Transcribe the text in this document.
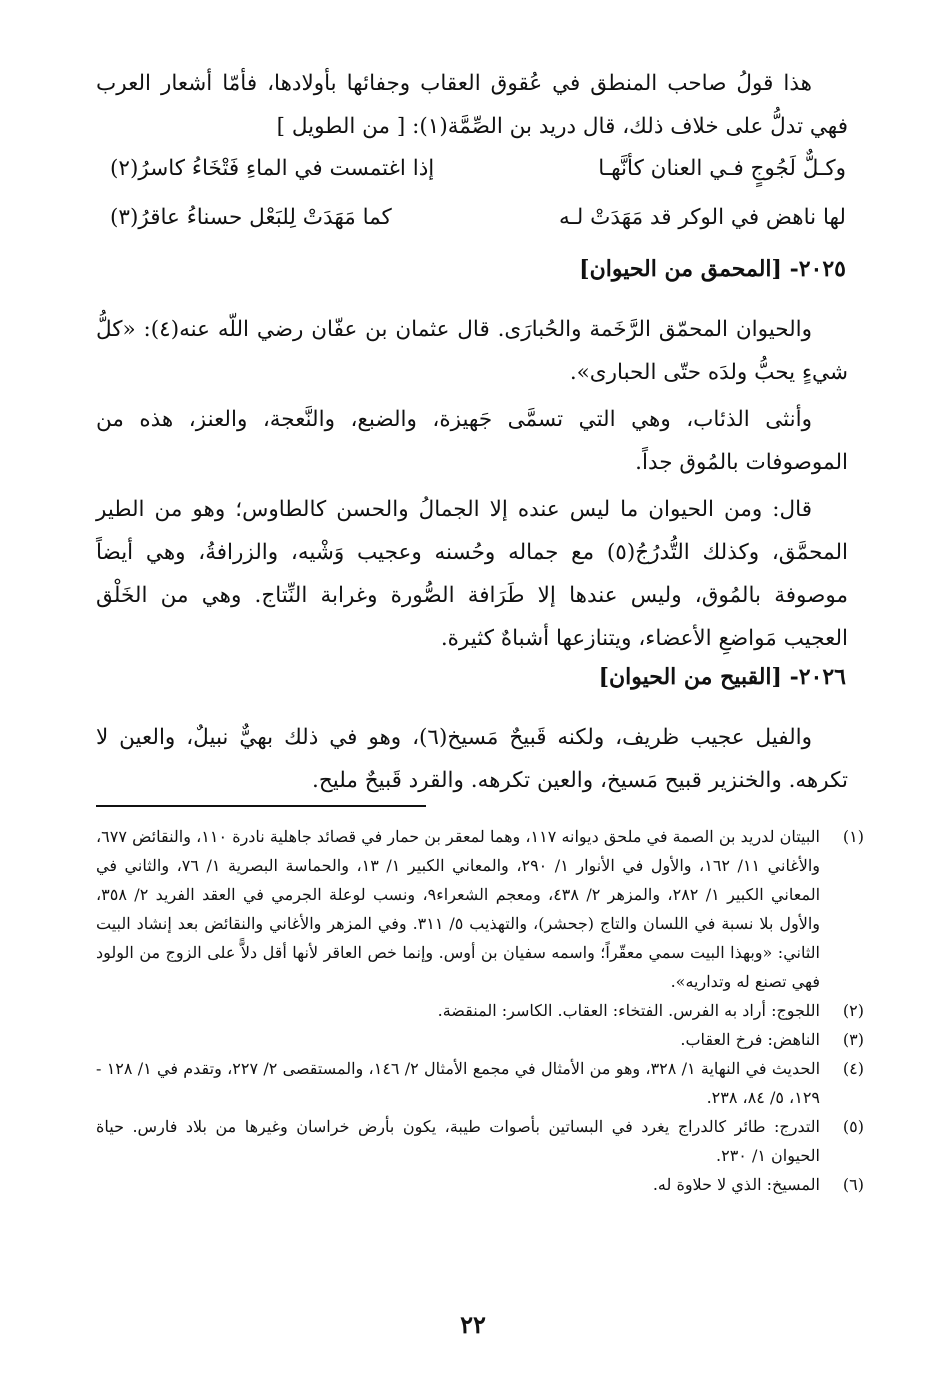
هذا قولُ صاحب المنطق في عُقوق العقاب وجفائها بأولادها، فأمّا أشعار العرب فهي تدلُّ على خلاف ذلك، قال دريد بن الصِّمَّة(١): [ من الطويل ]

وكـلٌّ لَجُوجٍ فـي العنان كأنَّهـا
إذا اغتمست في الماءِ فَتْخَاءُ كاسرُ(٢)
لها ناهض في الوكر قد مَهَدَتْ لـه
كما مَهَدَتْ لِلبَعْل حسناءُ عاقرُ(٣)
٢٠٢٥- [المحمق من الحيوان]

والحيوان المحمّق الرَّخَمة والحُبارَى. قال عثمان بن عفّان رضي اللّه عنه(٤): «كلُّ شيءٍ يحبُّ ولدَه حتّى الحبارى».

وأنثى الذئاب، وهي التي تسمَّى جَهيزة، والضبع، والنَّعجة، والعنز، هذه من الموصوفات بالمُوق جداً.

قال: ومن الحيوان ما ليس عنده إلا الجمالُ والحسن كالطاوس؛ وهو من الطير المحمَّق، وكذلك التُّدرُجُ(٥) مع جماله وحُسنه وعجيب وَشْيه، والزرافةُ، وهي أيضاً موصوفة بالمُوق، وليس عندها إلا طَرَافة الصُّورة وغرابة النِّتاج. وهي من الخَلْق العجيب مَواضعِ الأعضاء، ويتنازعها أشباهٌ كثيرة.

٢٠٢٦- [القبيح من الحيوان]

والفيل عجيب ظريف، ولكنه قَبيحٌ مَسيخ(٦)، وهو في ذلك بهيٌّ نبيلٌ، والعين لا تكرهه. والخنزير قبيح مَسيخ، والعين تكرهه. والقرد قَبيحٌ مليح.

(١)
البيتان لدريد بن الصمة في ملحق ديوانه ١١٧، وهما لمعقر بن حمار في قصائد جاهلية نادرة ١١٠، والنقائض ٦٧٧، والأغاني ١١/ ١٦٢، والأول في الأنوار ١/ ٢٩٠، والمعاني الكبير ١/ ١٣، والحماسة البصرية ١/ ٧٦، والثاني في المعاني الكبير ١/ ٢٨٢، والمزهر ٢/ ٤٣٨، ومعجم الشعراء٩، ونسب لوعلة الجرمي في العقد الفريد ٢/ ٣٥٨، والأول بلا نسبة في اللسان والتاج (جحشر)، والتهذيب ٥/ ٣١١. وفي المزهر والأغاني والنقائض بعد إنشاد البيت الثاني: «وبهذا البيت سمي معقّراً؛ واسمه سفيان بن أوس. وإنما خص العاقر لأنها أقل دلاًّ على الزوج من الولود فهي تصنع له وتداريه».
(٢)
اللجوج: أراد به الفرس. الفتخاء: العقاب. الكاسر: المنقضة.
(٣)
الناهض: فرخ العقاب.
(٤)
الحديث في النهاية ١/ ٣٢٨، وهو من الأمثال في مجمع الأمثال ٢/ ١٤٦، والمستقصى ٢/ ٢٢٧، وتقدم في ١/ ١٢٨ - ١٢٩، ٥/ ٨٤، ٢٣٨.
(٥)
التدرج: طائر كالدراج يغرد في البساتين بأصوات طيبة، يكون بأرض خراسان وغيرها من بلاد فارس. حياة الحيوان ١/ ٢٣٠.
(٦)
المسيخ: الذي لا حلاوة له.
٢٢
